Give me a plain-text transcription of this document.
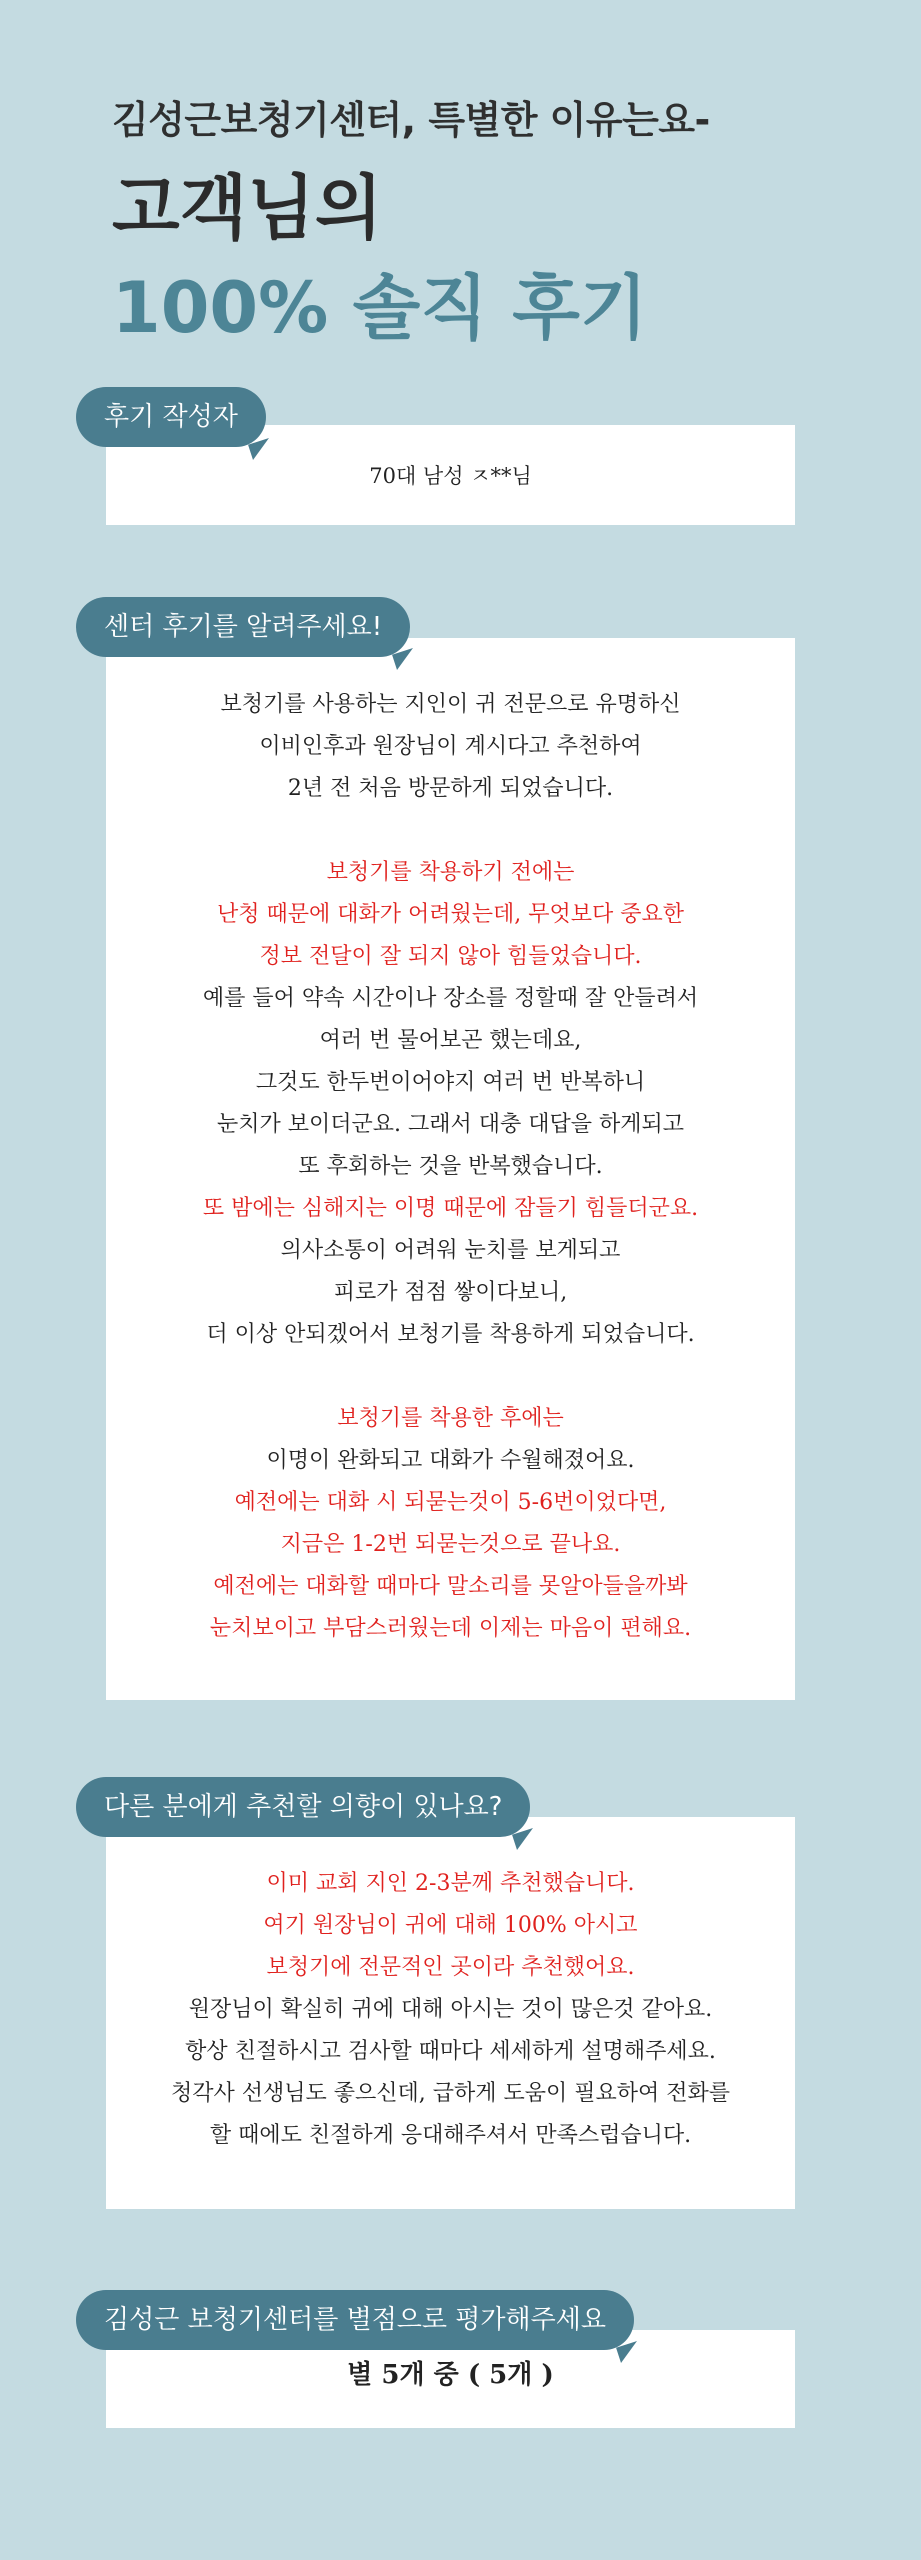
김성근보청기센터, 특별한 이유는요-
고객님의
100% 솔직 후기
후기 작성자
70대 남성 ㅈ**님
센터 후기를 알려주세요!
보청기를 사용하는 지인이 귀 전문으로 유명하신
이비인후과 원장님이 계시다고 추천하여
2년 전 처음 방문하게 되었습니다.
보청기를 착용하기 전에는
난청 때문에 대화가 어려웠는데, 무엇보다 중요한
정보 전달이 잘 되지 않아 힘들었습니다.
예를 들어 약속 시간이나 장소를 정할때 잘 안들려서
여러 번 물어보곤 했는데요,
그것도 한두번이어야지 여러 번 반복하니
눈치가 보이더군요. 그래서 대충 대답을 하게되고
또 후회하는 것을 반복했습니다.
또 밤에는 심해지는 이명 때문에 잠들기 힘들더군요.
의사소통이 어려워 눈치를 보게되고
피로가 점점 쌓이다보니,
더 이상 안되겠어서 보청기를 착용하게 되었습니다.
보청기를 착용한 후에는
이명이 완화되고 대화가 수월해졌어요.
예전에는 대화 시 되묻는것이 5-6번이었다면,
지금은 1-2번 되묻는것으로 끝나요.
예전에는 대화할 때마다 말소리를 못알아들을까봐
눈치보이고 부담스러웠는데 이제는 마음이 편해요.
다른 분에게 추천할 의향이 있나요?
이미 교회 지인 2-3분께 추천했습니다.
여기 원장님이 귀에 대해 100% 아시고
보청기에 전문적인 곳이라 추천했어요.
원장님이 확실히 귀에 대해 아시는 것이 많은것 같아요.
항상 친절하시고 검사할 때마다 세세하게 설명해주세요.
청각사 선생님도 좋으신데, 급하게 도움이 필요하여 전화를
할 때에도 친절하게 응대해주셔서 만족스럽습니다.
김성근 보청기센터를 별점으로 평가해주세요
별 5개 중 ( 5개 )
